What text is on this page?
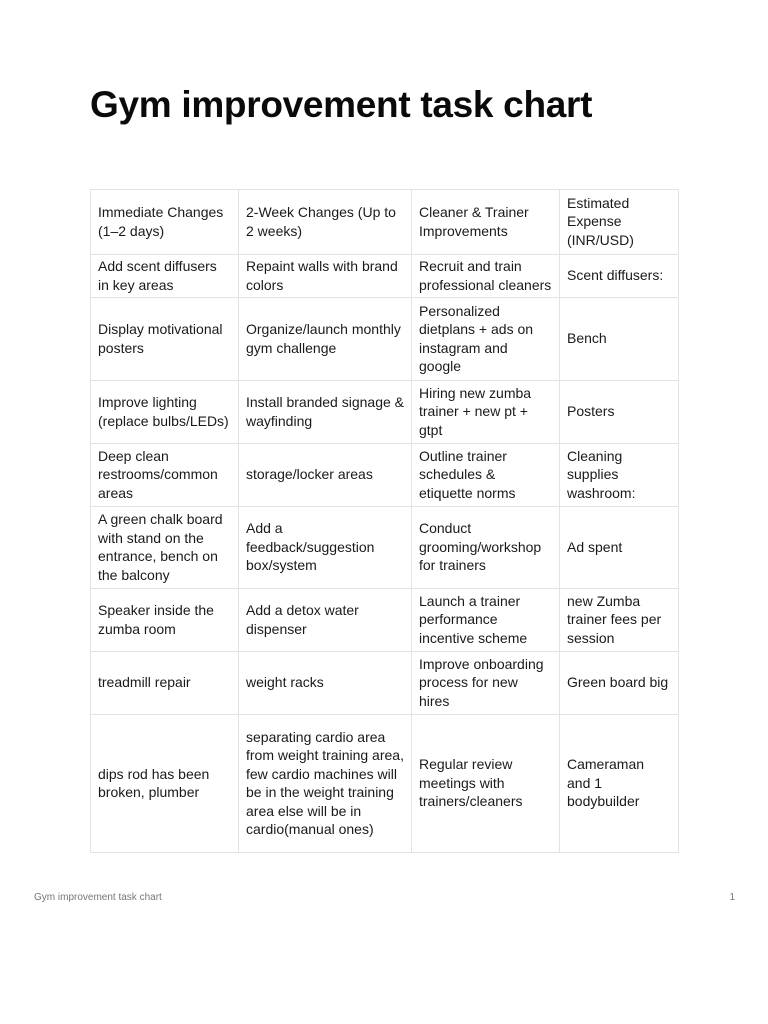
Gym improvement task chart
Immediate Changes (1–2 days)	2-Week Changes (Up to 2 weeks)	Cleaner & Trainer Improvements	Estimated Expense (INR/USD)
Add scent diffusers in key areas	Repaint walls with brand colors	Recruit and train professional cleaners	Scent diffusers:
Display motivational posters	Organize/launch monthly gym challenge	Personalized dietplans + ads on instagram and google	Bench
Improve lighting (replace bulbs/LEDs)	Install branded signage & wayfinding	Hiring new zumba trainer + new pt + gtpt	Posters
Deep clean restrooms/common areas	storage/locker areas	Outline trainer schedules & etiquette norms	Cleaning supplies washroom:
A green chalk board with stand on the entrance, bench on the balcony	Add a feedback/suggestion box/system	Conduct grooming/workshop for trainers	Ad spent
Speaker inside the zumba room	Add a detox water dispenser	Launch a trainer performance incentive scheme	new Zumba trainer fees per session
treadmill repair	weight racks	Improve onboarding process for new hires	Green board big
dips rod has been broken, plumber	separating cardio area from weight training area, few cardio machines will be in the weight training area else will be in cardio(manual ones)	Regular review meetings with trainers/cleaners	Cameraman and 1 bodybuilder
Gym improvement task chart	1
